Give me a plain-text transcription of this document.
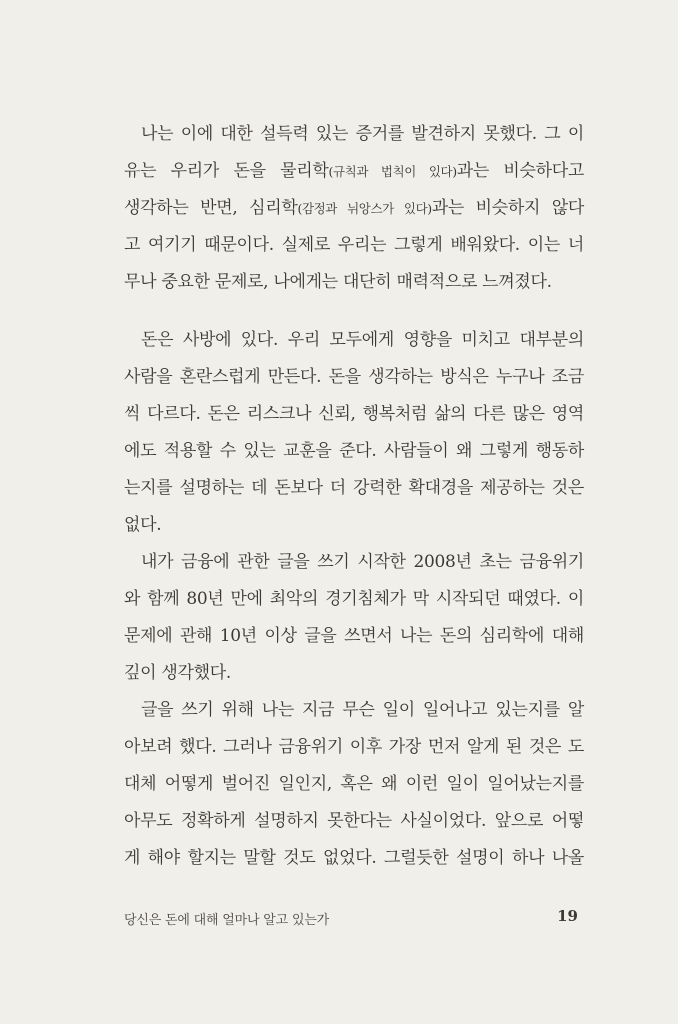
나는 이에 대한 설득력 있는 증거를 발견하지 못했다. 그 이
유는 우리가 돈을 물리학(규칙과 법칙이 있다)과는 비슷하다고
생각하는 반면, 심리학(감정과 뉘앙스가 있다)과는 비슷하지 않다
고 여기기 때문이다. 실제로 우리는 그렇게 배워왔다. 이는 너
무나 중요한 문제로, 나에게는 대단히 매력적으로 느껴졌다.
돈은 사방에 있다. 우리 모두에게 영향을 미치고 대부분의
사람을 혼란스럽게 만든다. 돈을 생각하는 방식은 누구나 조금
씩 다르다. 돈은 리스크나 신뢰, 행복처럼 삶의 다른 많은 영역
에도 적용할 수 있는 교훈을 준다. 사람들이 왜 그렇게 행동하
는지를 설명하는 데 돈보다 더 강력한 확대경을 제공하는 것은
없다.
내가 금융에 관한 글을 쓰기 시작한 2008년 초는 금융위기
와 함께 80년 만에 최악의 경기침체가 막 시작되던 때였다. 이
문제에 관해 10년 이상 글을 쓰면서 나는 돈의 심리학에 대해
깊이 생각했다.
글을 쓰기 위해 나는 지금 무슨 일이 일어나고 있는지를 알
아보려 했다. 그러나 금융위기 이후 가장 먼저 알게 된 것은 도
대체 어떻게 벌어진 일인지, 혹은 왜 이런 일이 일어났는지를
아무도 정확하게 설명하지 못한다는 사실이었다. 앞으로 어떻
게 해야 할지는 말할 것도 없었다. 그럴듯한 설명이 하나 나올
당신은 돈에 대해 얼마나 알고 있는가	19
